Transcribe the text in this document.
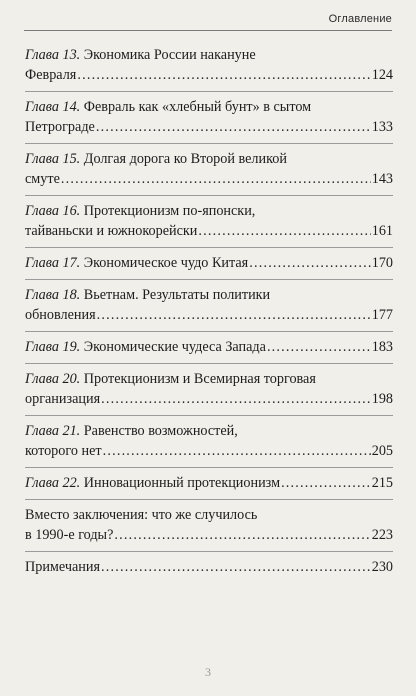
Оглавление
Глава 13. Экономика России накануне
Февраля .....	124
Глава 14. Февраль как «хлебный бунт» в сытом
Петрограде .....	133
Глава 15. Долгая дорога ко Второй великой
смуте .....	143
Глава 16. Протекционизм по-японски,
тайваньски и южнокорейски .....	161
Глава 17. Экономическое чудо Китая .....	170
Глава 18. Вьетнам. Результаты политики
обновления .....	177
Глава 19. Экономические чудеса Запада .....	183
Глава 20. Протекционизм и Всемирная торговая
организация .....	198
Глава 21. Равенство возможностей,
которого нет .....	205
Глава 22. Инновационный протекционизм .....	215
Вместо заключения: что же случилось
в 1990-е годы? .....	223
Примечания .....	230
3
